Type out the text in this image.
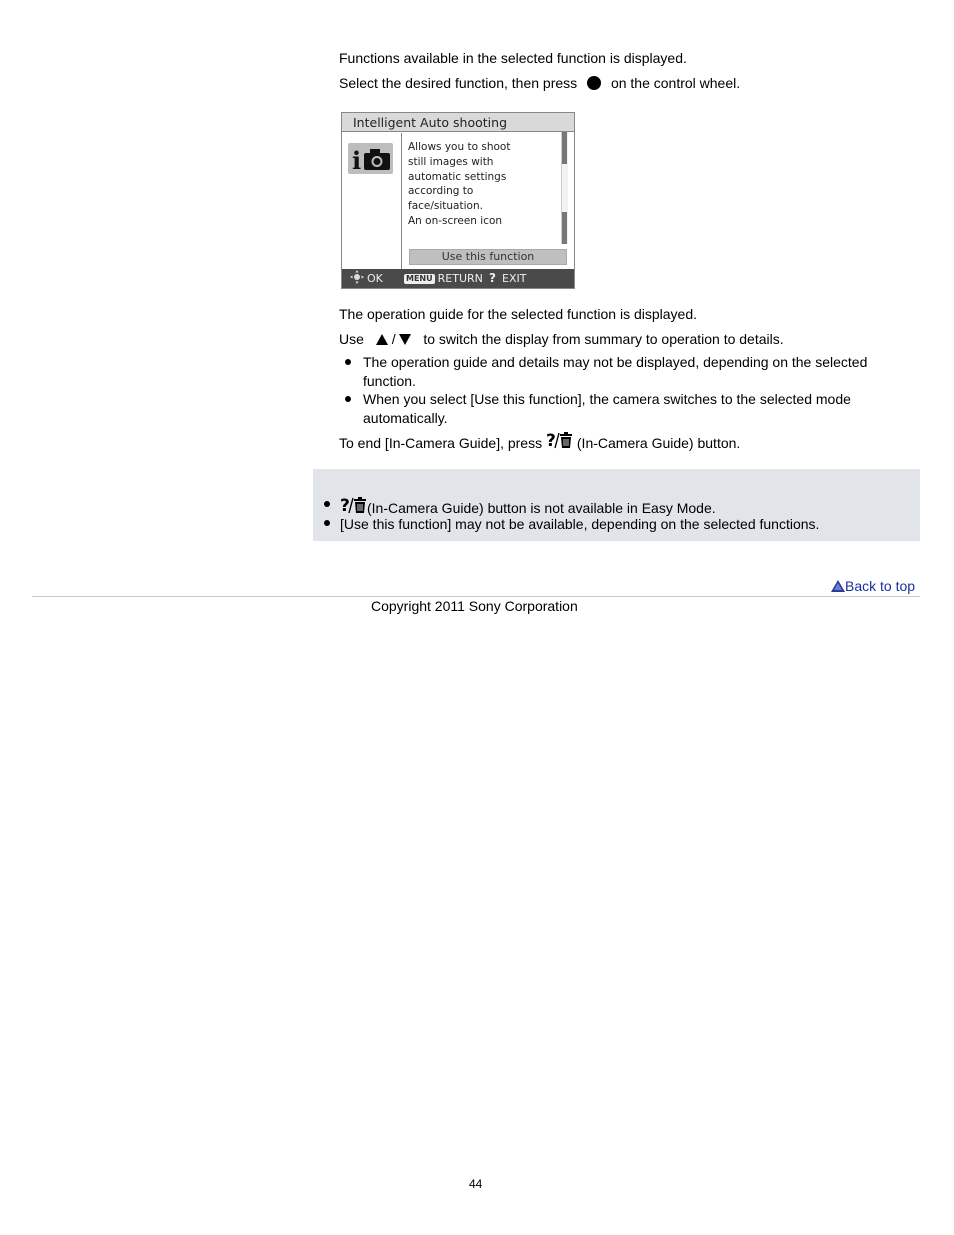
Functions available in the selected function is displayed.
Select the desired function, then press on the control wheel.
Intelligent Auto shooting
i	Allows you to shoot
still images with
automatic settings
according to
face/situation.
An on-screen icon
Use this function
OK	MENU RETURN ? EXIT
The operation guide for the selected function is displayed.
Use / to switch the display from summary to operation to details.
The operation guide and details may not be displayed, depending on the selected function.
When you select [Use this function], the camera switches to the selected mode automatically.
To end [In-Camera Guide], press ? (In-Camera Guide) button.
? (In-Camera Guide) button is not available in Easy Mode.
[Use this function] may not be available, depending on the selected functions.
Back to top
Copyright 2011 Sony Corporation
44
